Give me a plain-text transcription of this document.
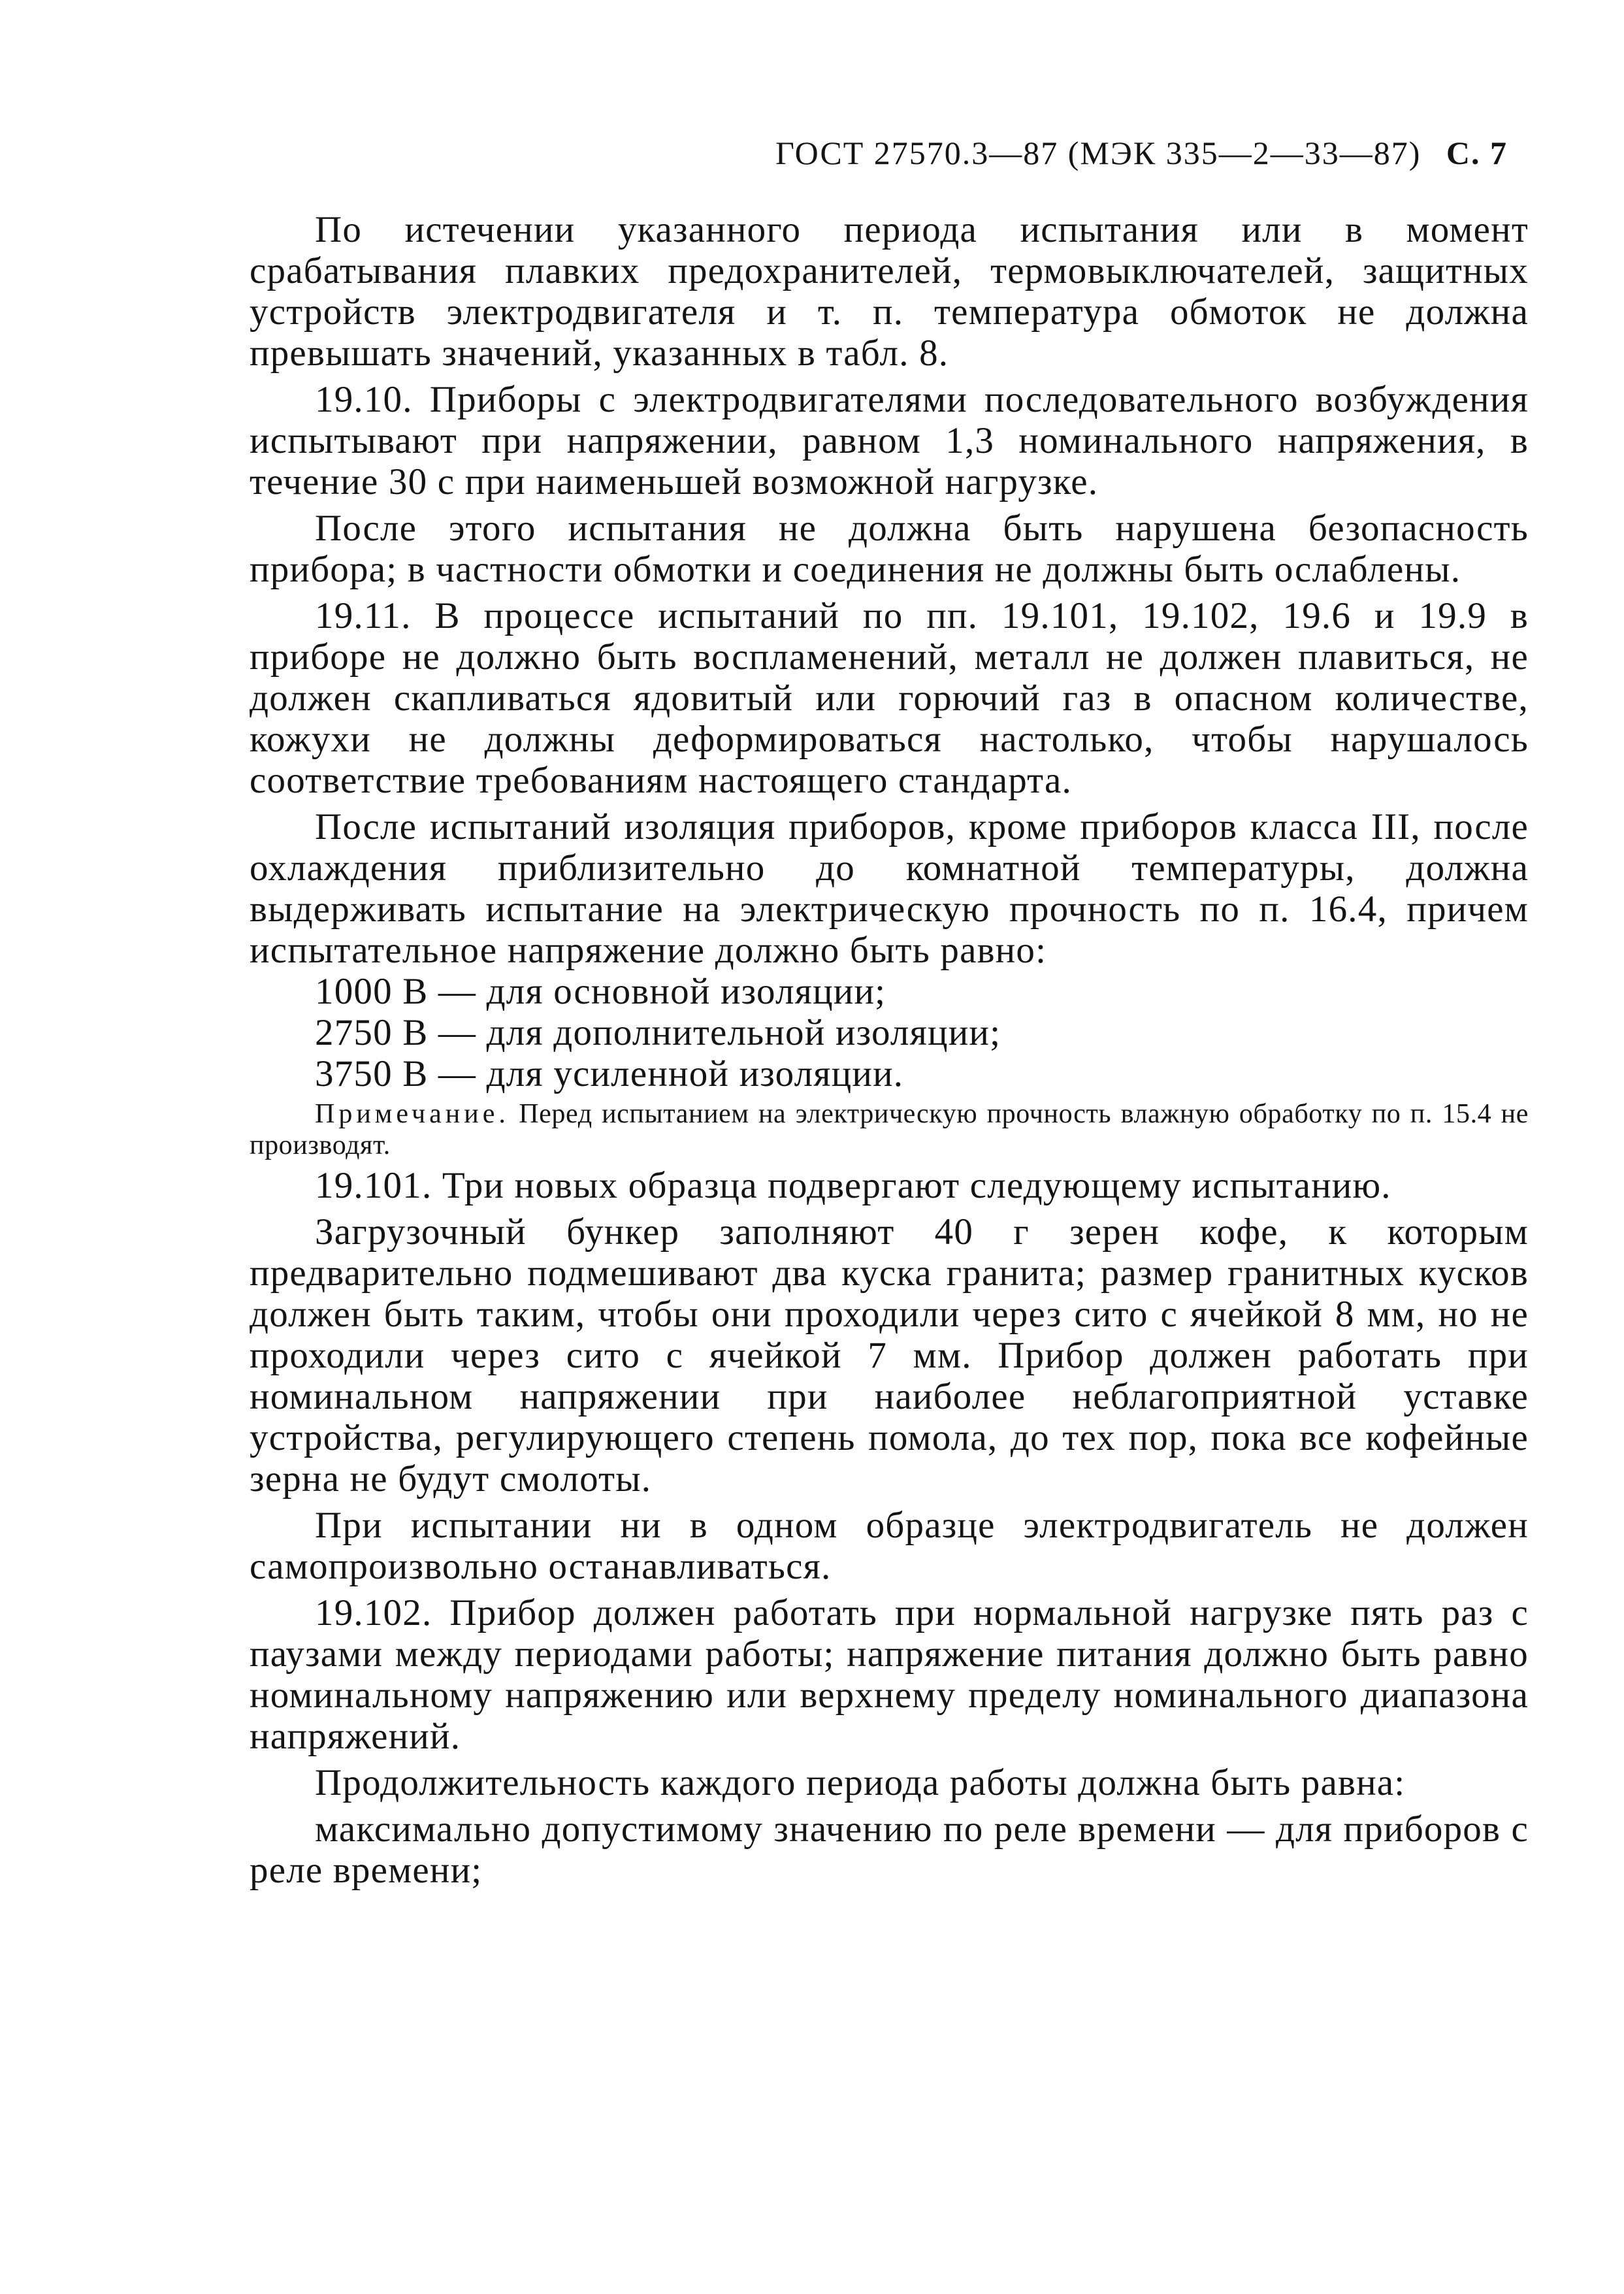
ГОСТ 27570.3—87 (МЭК 335—2—33—87) С. 7

По истечении указанного периода испытания или в момент срабатывания плавких предохранителей, термовыключателей, защитных устройств электродвигателя и т. п. температура обмоток не должна превышать значений, указанных в табл. 8.

19.10. Приборы с электродвигателями последовательного возбуждения испытывают при напряжении, равном 1,3 номинального напряжения, в течение 30 с при наименьшей возможной нагрузке.

После этого испытания не должна быть нарушена безопасность прибора; в частности обмотки и соединения не должны быть ослаблены.

19.11. В процессе испытаний по пп. 19.101, 19.102, 19.6 и 19.9 в приборе не должно быть воспламенений, металл не должен плавиться, не должен скапливаться ядовитый или горючий газ в опасном количестве, кожухи не должны деформироваться настолько, чтобы нарушалось соответствие требованиям настоящего стандарта.

После испытаний изоляция приборов, кроме приборов класса III, после охлаждения приблизительно до комнатной температуры, должна выдерживать испытание на электрическую прочность по п. 16.4, причем испытательное напряжение должно быть равно:

1000 В — для основной изоляции;
2750 В — для дополнительной изоляции;
3750 В — для усиленной изоляции.

Примечание. Перед испытанием на электрическую прочность влажную обработку по п. 15.4 не производят.

19.101. Три новых образца подвергают следующему испытанию.

Загрузочный бункер заполняют 40 г зерен кофе, к которым предварительно подмешивают два куска гранита; размер гранитных кусков должен быть таким, чтобы они проходили через сито с ячейкой 8 мм, но не проходили через сито с ячейкой 7 мм. Прибор должен работать при номинальном напряжении при наиболее неблагоприятной уставке устройства, регулирующего степень помола, до тех пор, пока все кофейные зерна не будут смолоты.

При испытании ни в одном образце электродвигатель не должен самопроизвольно останавливаться.

19.102. Прибор должен работать при нормальной нагрузке пять раз с паузами между периодами работы; напряжение питания должно быть равно номинальному напряжению или верхнему пределу номинального диапазона напряжений.

Продолжительность каждого периода работы должна быть равна:

максимально допустимому значению по реле времени — для приборов с реле времени;
